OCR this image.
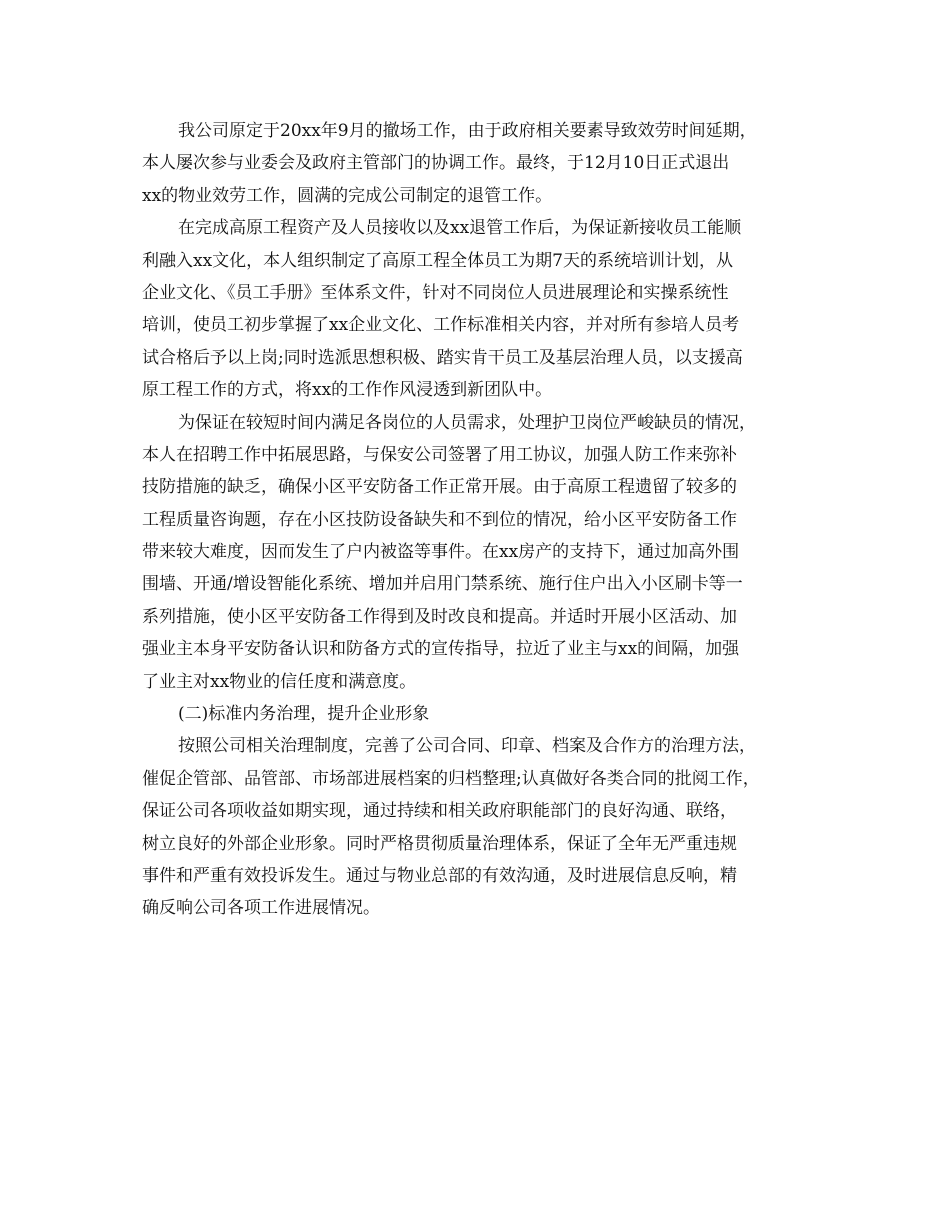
我公司原定于20xx年9月的撤场工作，由于政府相关要素导致效劳时间延期，
本人屡次参与业委会及政府主管部门的协调工作。最终，于12月10日正式退出
xx的物业效劳工作，圆满的完成公司制定的退管工作。
在完成高原工程资产及人员接收以及xx退管工作后，为保证新接收员工能顺
利融入xx文化，本人组织制定了高原工程全体员工为期7天的系统培训计划，从
企业文化、《员工手册》至体系文件，针对不同岗位人员进展理论和实操系统性
培训，使员工初步掌握了xx企业文化、工作标准相关内容，并对所有参培人员考
试合格后予以上岗;同时选派思想积极、踏实肯干员工及基层治理人员，以支援高
原工程工作的方式，将xx的工作作风浸透到新团队中。
为保证在较短时间内满足各岗位的人员需求，处理护卫岗位严峻缺员的情况，
本人在招聘工作中拓展思路，与保安公司签署了用工协议，加强人防工作来弥补
技防措施的缺乏，确保小区平安防备工作正常开展。由于高原工程遗留了较多的
工程质量咨询题，存在小区技防设备缺失和不到位的情况，给小区平安防备工作
带来较大难度，因而发生了户内被盗等事件。在xx房产的支持下，通过加高外围
围墙、开通/增设智能化系统、增加并启用门禁系统、施行住户出入小区刷卡等一
系列措施，使小区平安防备工作得到及时改良和提高。并适时开展小区活动、加
强业主本身平安防备认识和防备方式的宣传指导，拉近了业主与xx的间隔，加强
了业主对xx物业的信任度和满意度。
(二)标准内务治理，提升企业形象
按照公司相关治理制度，完善了公司合同、印章、档案及合作方的治理方法，
催促企管部、品管部、市场部进展档案的归档整理;认真做好各类合同的批阅工作，
保证公司各项收益如期实现，通过持续和相关政府职能部门的良好沟通、联络，
树立良好的外部企业形象。同时严格贯彻质量治理体系，保证了全年无严重违规
事件和严重有效投诉发生。通过与物业总部的有效沟通，及时进展信息反响，精
确反响公司各项工作进展情况。
